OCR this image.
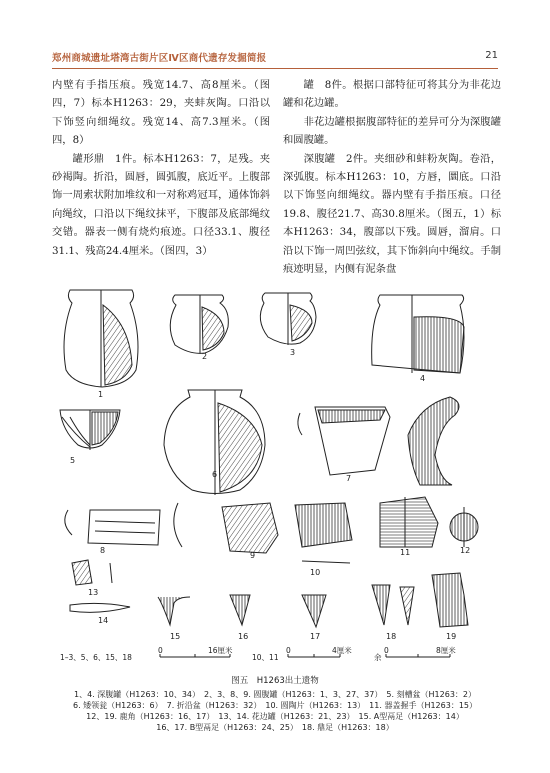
郑州商城遗址塔湾古街片区Ⅳ区商代遗存发掘简报	21

内壁有手指压痕。残宽14.7、高8厘米。（图四，7）标本H1263：29，夹蚌灰陶。口沿以下饰竖向细绳纹。残宽14、高7.3厘米。（图四，8）

罐形鼎　1件。标本H1263：7，足残。夹砂褐陶。折沿，圆唇，圆弧腹，底近平。上腹部饰一周索状附加堆纹和一对称鸡冠耳，通体饰斜向绳纹，口沿以下绳纹抹平，下腹部及底部绳纹交错。器表一侧有烧灼痕迹。口径33.1、腹径31.1、残高24.4厘米。（图四，3）

罐　8件。根据口部特征可将其分为非花边罐和花边罐。

非花边罐根据腹部特征的差异可分为深腹罐和圆腹罐。

深腹罐　2件。夹细砂和蚌粉灰陶。卷沿，深弧腹。标本H1263：10，方唇，圜底。口沿以下饰竖向细绳纹。器内壁有手指压痕。口径19.8、腹径21.7、高30.8厘米。（图五，1）标本H1263：34，腹部以下残。圆唇，溜肩。口沿以下饰一周凹弦纹，其下饰斜向中绳纹。手制痕迹明显，内侧有泥条盘

1
2	3
4
5
6	7
8
9
10
11	12
13
14
15	16	17	18	19
1–3、5、6、15、18
0	16厘米
10、11
0	4厘米
余
0	8厘米
图五　H1263出土遗物
1、4. 深腹罐（H1263：10、34）　2、3、8、9. 圆腹罐（H1263：1、3、27、37）　5. 刻槽盆（H1263：2）
6. 矮领瓮（H1263：6）　7. 折沿盆（H1263：32）　10. 圆陶片（H1263：13）　11. 器盖握手（H1263：15）
12、19. 鹿角（H1263：16、17）　13、14. 花边罐（H1263：21、23）　15. A型鬲足（H1263：14）
16、17. B型鬲足（H1263：24、25）　18. 鼎足（H1263：18）
